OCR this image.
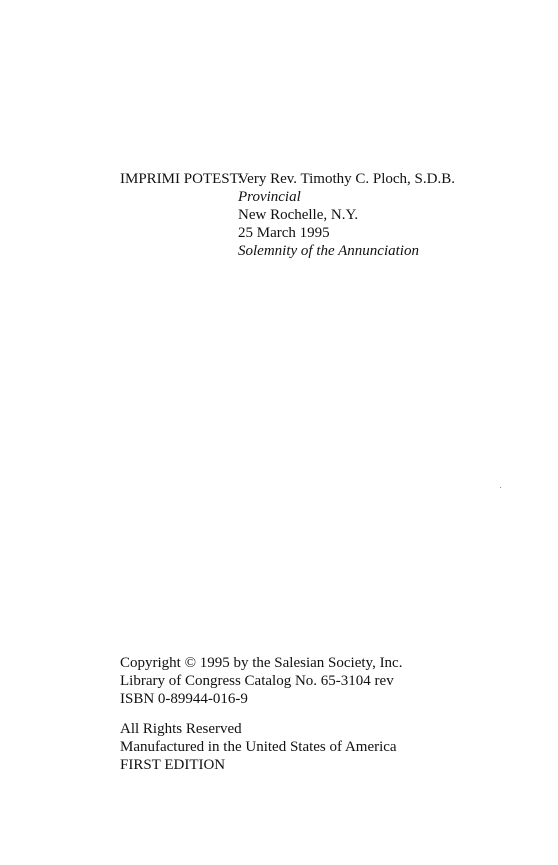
IMPRIMI POTEST:
Very Rev. Timothy C. Ploch, S.D.B.
Provincial
New Rochelle, N.Y.
25 March 1995
Solemnity of the Annunciation
Copyright © 1995 by the Salesian Society, Inc.
Library of Congress Catalog No. 65-3104 rev
ISBN 0-89944-016-9
All Rights Reserved
Manufactured in the United States of America
FIRST EDITION
